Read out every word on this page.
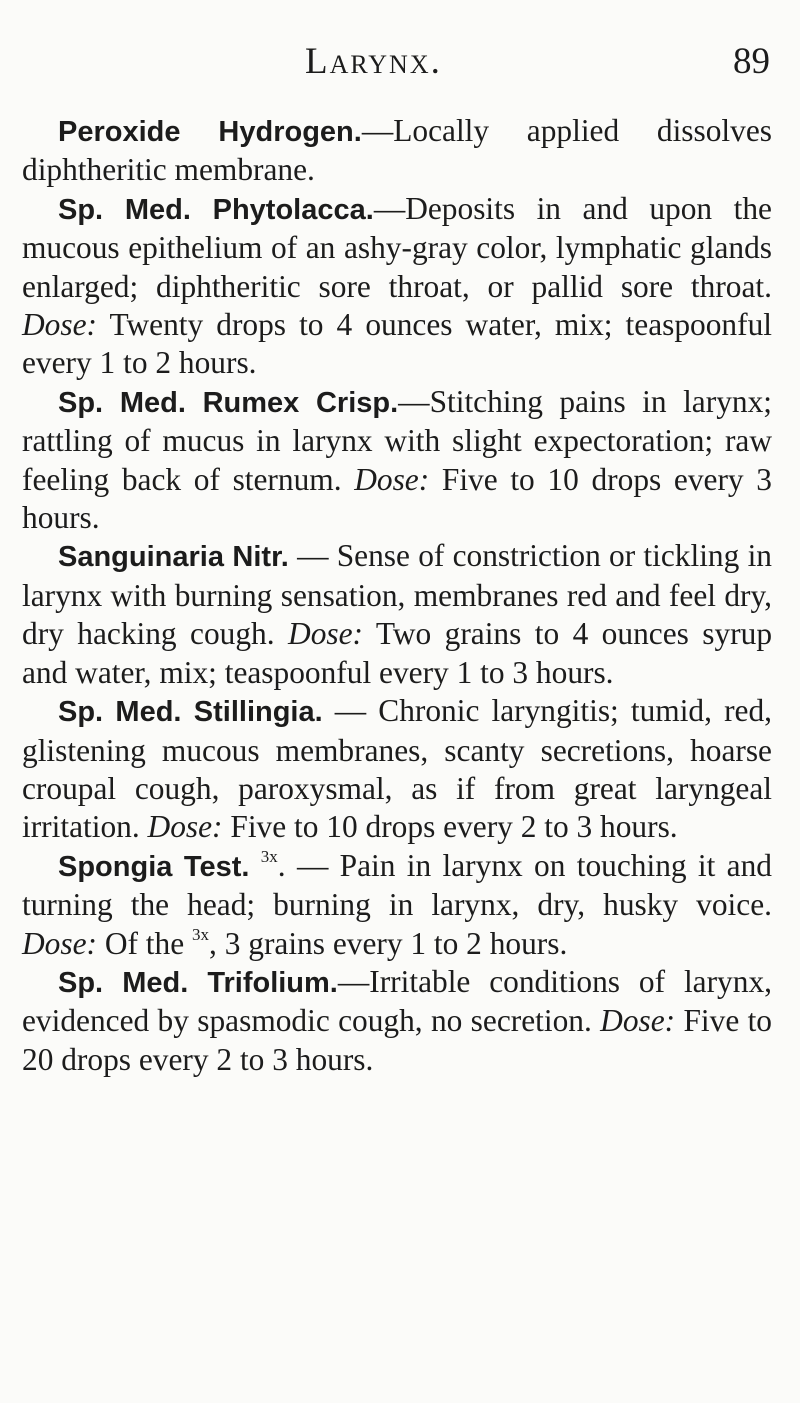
Larynx.	89

Peroxide Hydrogen.—Locally applied dissolves diphtheritic membrane.

Sp. Med. Phytolacca.—Deposits in and upon the mucous epithelium of an ashy-gray color, lymphatic glands enlarged; diphtheritic sore throat, or pallid sore throat. Dose: Twenty drops to 4 ounces water, mix; teaspoonful every 1 to 2 hours.

Sp. Med. Rumex Crisp.—Stitching pains in larynx; rattling of mucus in larynx with slight expectoration; raw feeling back of sternum. Dose: Five to 10 drops every 3 hours.

Sanguinaria Nitr. — Sense of constriction or tickling in larynx with burning sensation, membranes red and feel dry, dry hacking cough. Dose: Two grains to 4 ounces syrup and water, mix; teaspoonful every 1 to 3 hours.

Sp. Med. Stillingia. — Chronic laryngitis; tumid, red, glistening mucous membranes, scanty secretions, hoarse croupal cough, paroxysmal, as if from great laryngeal irritation. Dose: Five to 10 drops every 2 to 3 hours.

Spongia Test. $^{3x}$. — Pain in larynx on touching it and turning the head; burning in larynx, dry, husky voice. Dose: Of the $^{3x}$, 3 grains every 1 to 2 hours.

Sp. Med. Trifolium.—Irritable conditions of larynx, evidenced by spasmodic cough, no secretion. Dose: Five to 20 drops every 2 to 3 hours.
